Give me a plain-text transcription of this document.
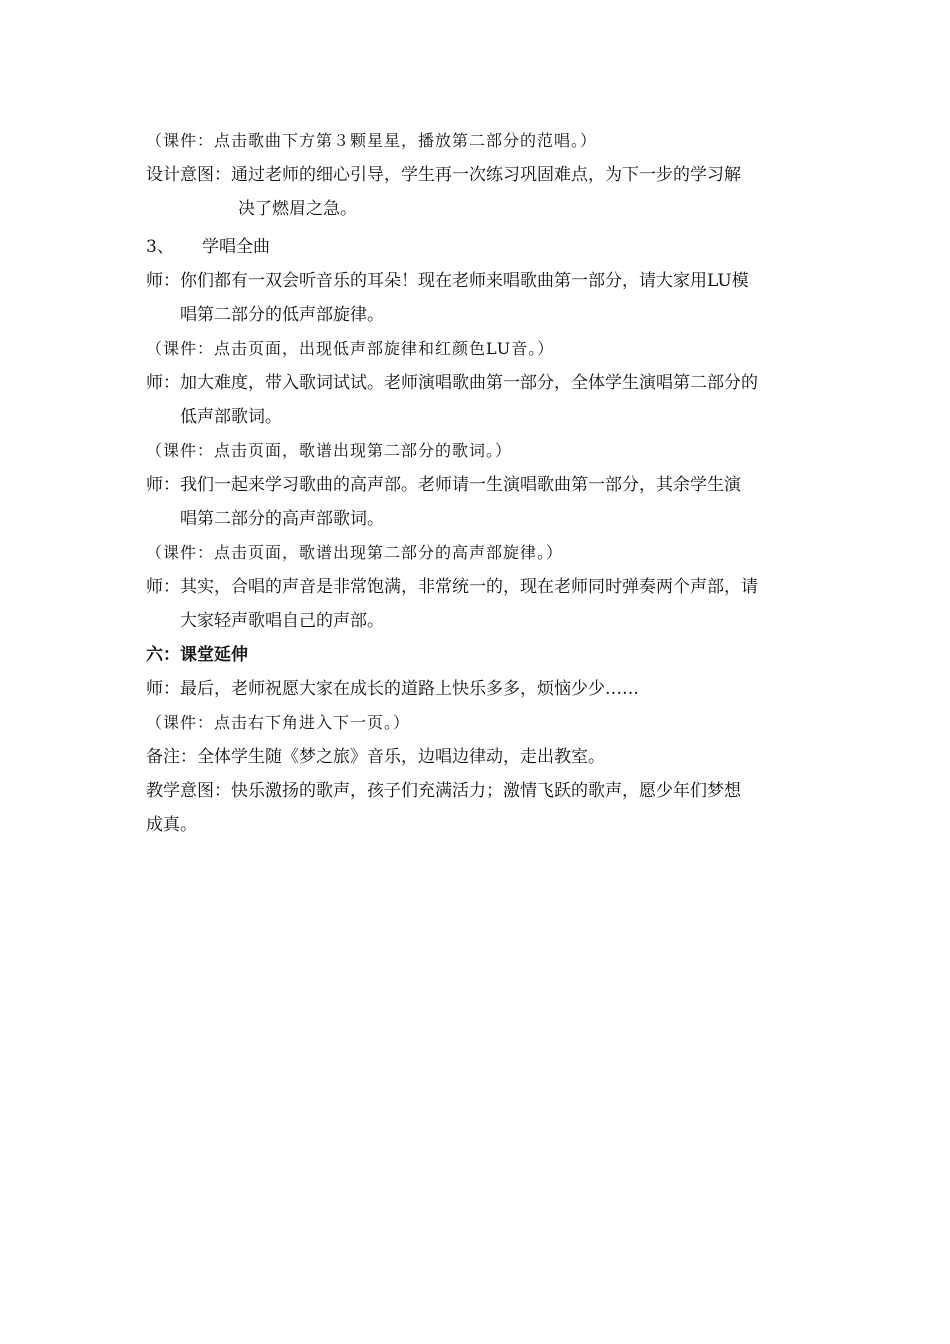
（课件：点击歌曲下方第３颗星星，播放第二部分的范唱。）
设计意图：通过老师的细心引导，学生再一次练习巩固难点，为下一步的学习解
决了燃眉之急。
3、 学唱全曲
师：你们都有一双会听音乐的耳朵！现在老师来唱歌曲第一部分，请大家用LU模
唱第二部分的低声部旋律。
（课件：点击页面，出现低声部旋律和红颜色LU音。）
师：加大难度，带入歌词试试。老师演唱歌曲第一部分，全体学生演唱第二部分的
低声部歌词。
（课件：点击页面，歌谱出现第二部分的歌词。）
师：我们一起来学习歌曲的高声部。老师请一生演唱歌曲第一部分，其余学生演
唱第二部分的高声部歌词。
（课件：点击页面，歌谱出现第二部分的高声部旋律。）
师：其实，合唱的声音是非常饱满，非常统一的，现在老师同时弹奏两个声部，请
大家轻声歌唱自己的声部。
六：课堂延伸
师：最后，老师祝愿大家在成长的道路上快乐多多，烦恼少少……
（课件：点击右下角进入下一页。）
备注：全体学生随《梦之旅》音乐，边唱边律动，走出教室。
教学意图：快乐激扬的歌声，孩子们充满活力；激情飞跃的歌声，愿少年们梦想
成真。
